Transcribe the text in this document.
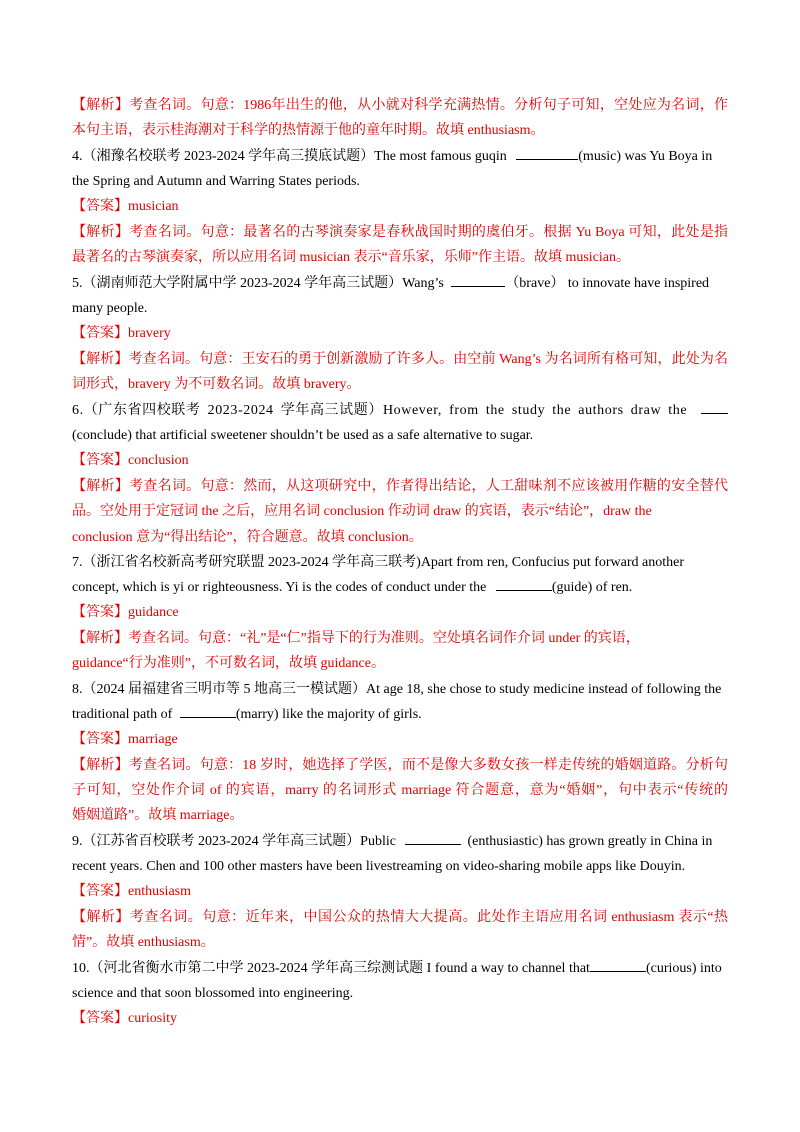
【解析】考查名词。句意：1986年出生的他，从小就对科学充满热情。分析句子可知，空处应为名词，作
本句主语，表示桂海潮对于科学的热情源于他的童年时期。故填 enthusiasm。
4.（湘豫名校联考 2023-2024 学年高三摸底试题）The most famous guqin	(music) was Yu Boya in
the Spring and Autumn and Warring States periods.
【答案】musician
【解析】考查名词。句意：最著名的古琴演奏家是春秋战国时期的虞伯牙。根据 Yu Boya 可知，此处是指
最著名的古琴演奏家，所以应用名词 musician 表示“音乐家，乐师”作主语。故填 musician。
5.（湖南师范大学附属中学 2023-2024 学年高三试题）Wang’s	（brave） to innovate have inspired
many people.
【答案】bravery
【解析】考查名词。句意：王安石的勇于创新激励了许多人。由空前 Wang’s 为名词所有格可知，此处为名
词形式，bravery 为不可数名词。故填 bravery。
6.（广东省四校联考 2023-2024 学年高三试题）However, from the study the authors draw the
(conclude) that artificial sweetener shouldn’t be used as a safe alternative to sugar.
【答案】conclusion
【解析】考查名词。句意：然而，从这项研究中，作者得出结论，人工甜味剂不应该被用作糖的安全替代
品。空处用于定冠词 the 之后，应用名词 conclusion 作动词 draw 的宾语，表示“结论”，draw the
conclusion 意为“得出结论”，符合题意。故填 conclusion。
7.（浙江省名校新高考研究联盟 2023-2024 学年高三联考)Apart from ren, Confucius put forward another
concept, which is yi or righteousness. Yi is the codes of conduct under the	(guide) of ren.
【答案】guidance
【解析】考查名词。句意：“礼”是“仁”指导下的行为准则。空处填名词作介词 under 的宾语，
guidance“行为准则”，不可数名词，故填 guidance。
8.（2024 届福建省三明市等 5 地高三一模试题）At age 18, she chose to study medicine instead of following the
traditional path of	(marry) like the majority of girls.
【答案】marriage
【解析】考查名词。句意：18 岁时，她选择了学医，而不是像大多数女孩一样走传统的婚姻道路。分析句
子可知，空处作介词 of 的宾语，marry 的名词形式 marriage 符合题意，意为“婚姻”，句中表示“传统的
婚姻道路”。故填 marriage。
9.（江苏省百校联考 2023-2024 学年高三试题）Public	(enthusiastic) has grown greatly in China in
recent years. Chen and 100 other masters have been livestreaming on video-sharing mobile apps like Douyin.
【答案】enthusiasm
【解析】考查名词。句意：近年来，中国公众的热情大大提高。此处作主语应用名词 enthusiasm 表示“热
情”。故填 enthusiasm。
10.（河北省衡水市第二中学 2023-2024 学年高三综测试题 I found a way to channel that	(curious) into
science and that soon blossomed into engineering.
【答案】curiosity
